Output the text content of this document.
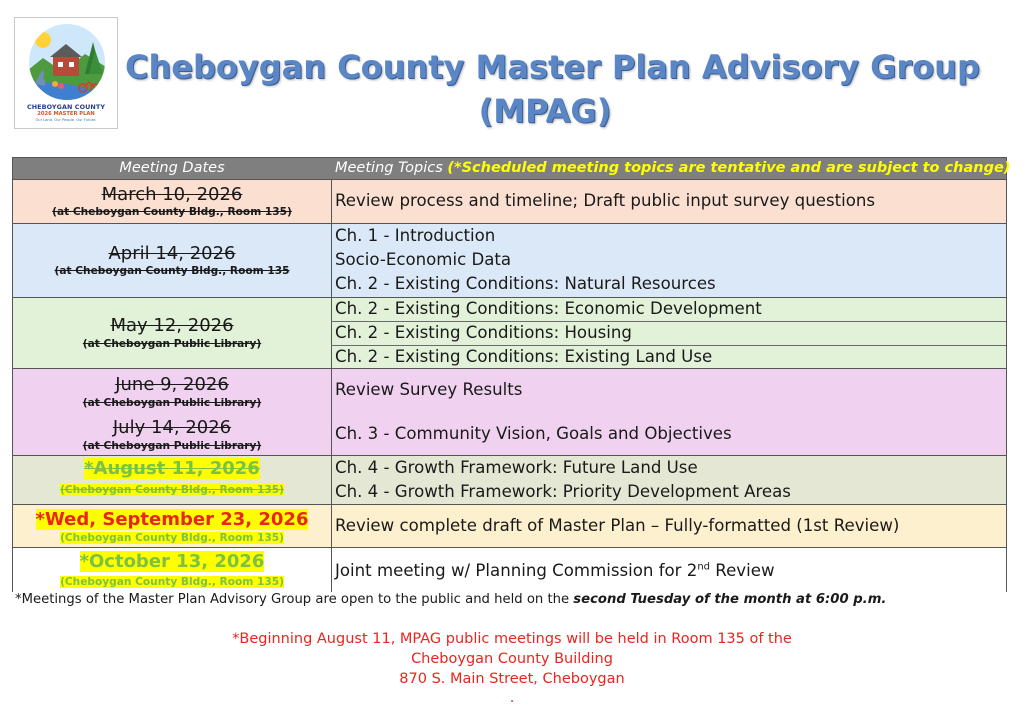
CHEBOYGAN COUNTY
2026 MASTER PLAN
Our Land, Our People, Our Future.
Cheboygan County Master Plan Advisory Group
(MPAG)
Meeting Dates	Meeting Topics (*Scheduled meeting topics are tentative and are subject to change)
March 10, 2026
(at Cheboygan County Bldg., Room 135)
Review process and timeline; Draft public input survey questions
April 14, 2026
(at Cheboygan County Bldg., Room 135
Ch. 1 - Introduction
Socio-Economic Data
Ch. 2 - Existing Conditions: Natural Resources
May 12, 2026
(at Cheboygan Public Library)
Ch. 2 - Existing Conditions: Economic Development
Ch. 2 - Existing Conditions: Housing
Ch. 2 - Existing Conditions: Existing Land Use
June 9, 2026
(at Cheboygan Public Library)
July 14, 2026
(at Cheboygan Public Library)
Review Survey Results
Ch. 3 - Community Vision, Goals and Objectives
*August 11, 2026
(Cheboygan County Bldg., Room 135)
Ch. 4 - Growth Framework: Future Land Use
Ch. 4 - Growth Framework: Priority Development Areas
*Wed, September 23, 2026
(Cheboygan County Bldg., Room 135)
Review complete draft of Master Plan – Fully-formatted (1st Review)
*October 13, 2026
(Cheboygan County Bldg., Room 135)
Joint meeting w/ Planning Commission for 2nd Review
*Meetings of the Master Plan Advisory Group are open to the public and held on the second Tuesday of the month at 6:00 p.m.
*Beginning August 11, MPAG public meetings will be held in Room 135 of the
Cheboygan County Building
870 S. Main Street, Cheboygan
.
